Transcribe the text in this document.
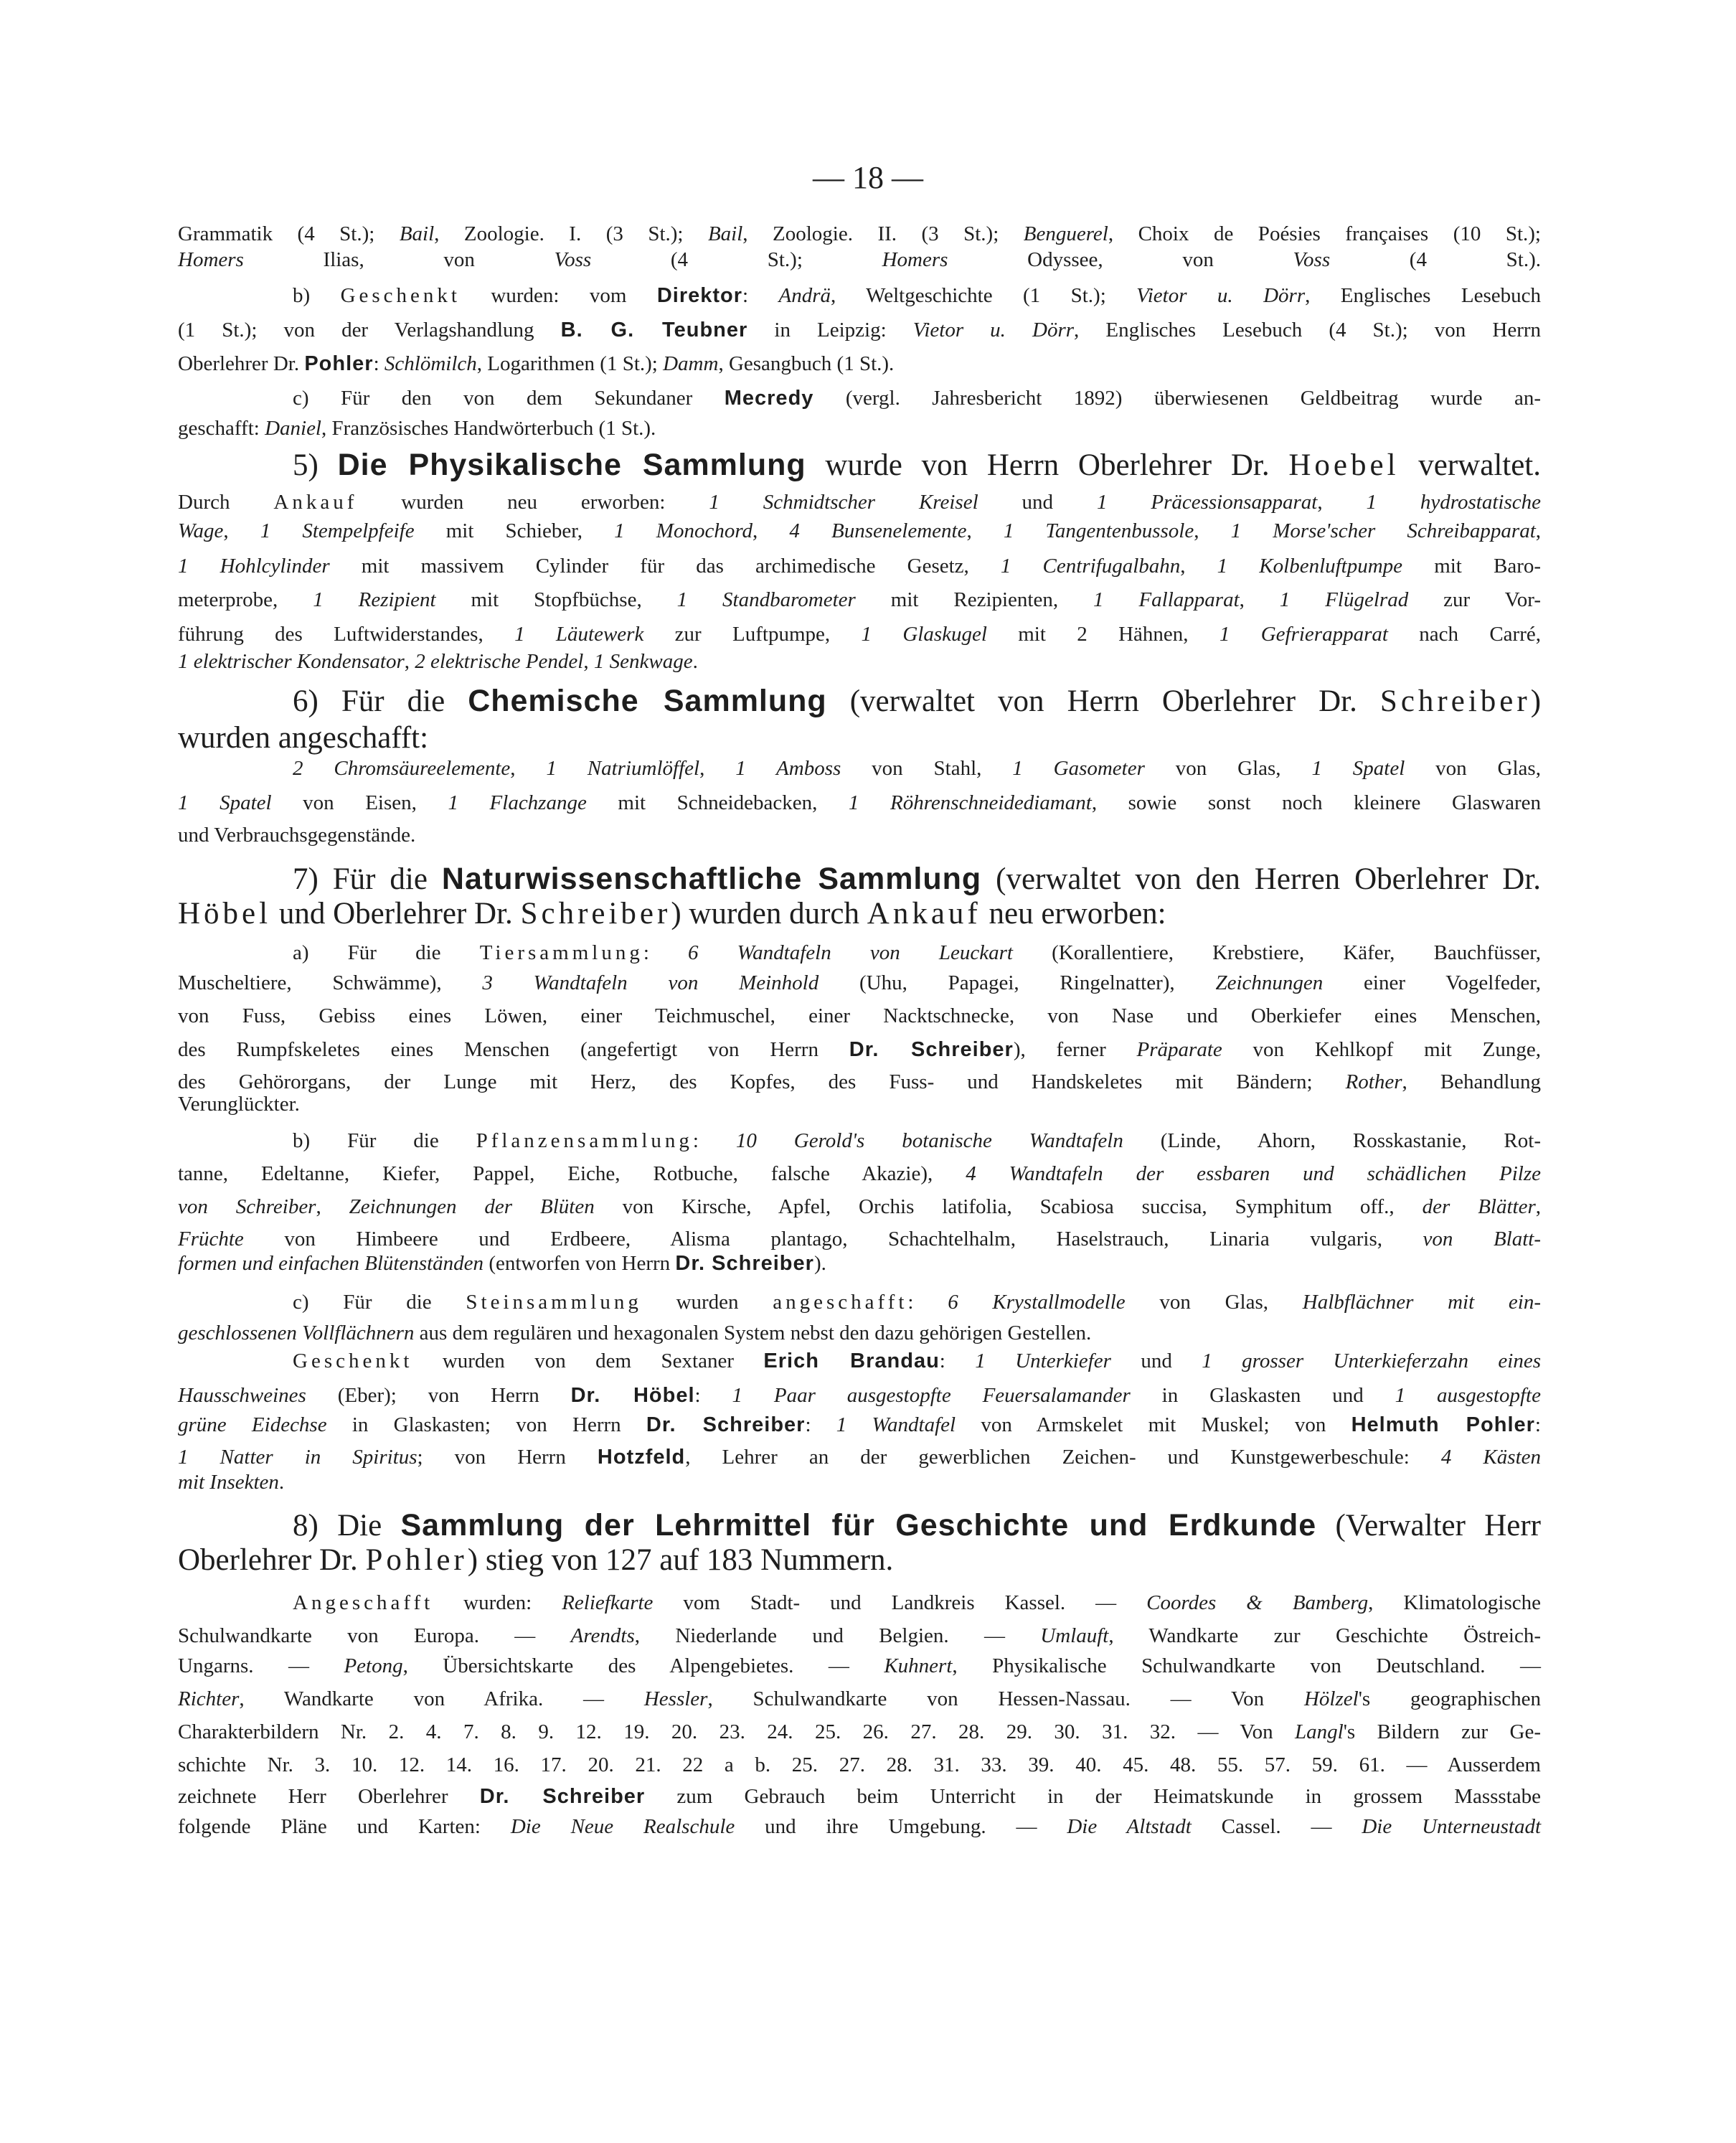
— 18 —
Grammatik (4 St.); Bail, Zoologie. I. (3 St.); Bail, Zoologie. II. (3 St.); Benguerel, Choix de Poésies françaises (10 St.);
Homers Ilias, von Voss (4 St.); Homers Odyssee, von Voss (4 St.).
b) Geschenkt wurden: vom Direktor: Andrä, Weltgeschichte (1 St.); Vietor u. Dörr, Englisches Lesebuch
(1 St.); von der Verlagshandlung B. G. Teubner in Leipzig: Vietor u. Dörr, Englisches Lesebuch (4 St.); von Herrn
Oberlehrer Dr. Pohler: Schlömilch, Logarithmen (1 St.); Damm, Gesangbuch (1 St.).
c) Für den von dem Sekundaner Mecredy (vergl. Jahresbericht 1892) überwiesenen Geldbeitrag wurde an-
geschafft: Daniel, Französisches Handwörterbuch (1 St.).
5) Die Physikalische Sammlung wurde von Herrn Oberlehrer Dr. Hoebel verwaltet.
Durch Ankauf wurden neu erworben: 1 Schmidtscher Kreisel und 1 Präcessionsapparat, 1 hydrostatische
Wage, 1 Stempelpfeife mit Schieber, 1 Monochord, 4 Bunsenelemente, 1 Tangentenbussole, 1 Morse'scher Schreibapparat,
1 Hohlcylinder mit massivem Cylinder für das archimedische Gesetz, 1 Centrifugalbahn, 1 Kolbenluftpumpe mit Baro-
meterprobe, 1 Rezipient mit Stopfbüchse, 1 Standbarometer mit Rezipienten, 1 Fallapparat, 1 Flügelrad zur Vor-
führung des Luftwiderstandes, 1 Läutewerk zur Luftpumpe, 1 Glaskugel mit 2 Hähnen, 1 Gefrierapparat nach Carré,
1 elektrischer Kondensator, 2 elektrische Pendel, 1 Senkwage.
6) Für die Chemische Sammlung (verwaltet von Herrn Oberlehrer Dr. Schreiber)
wurden angeschafft:
2 Chromsäureelemente, 1 Natriumlöffel, 1 Amboss von Stahl, 1 Gasometer von Glas, 1 Spatel von Glas,
1 Spatel von Eisen, 1 Flachzange mit Schneidebacken, 1 Röhrenschneidediamant, sowie sonst noch kleinere Glaswaren
und Verbrauchsgegenstände.
7) Für die Naturwissenschaftliche Sammlung (verwaltet von den Herren Oberlehrer Dr.
Höbel und Oberlehrer Dr. Schreiber) wurden durch Ankauf neu erworben:
a) Für die Tiersammlung: 6 Wandtafeln von Leuckart (Korallentiere, Krebstiere, Käfer, Bauchfüsser,
Muscheltiere, Schwämme), 3 Wandtafeln von Meinhold (Uhu, Papagei, Ringelnatter), Zeichnungen einer Vogelfeder,
von Fuss, Gebiss eines Löwen, einer Teichmuschel, einer Nacktschnecke, von Nase und Oberkiefer eines Menschen,
des Rumpfskeletes eines Menschen (angefertigt von Herrn Dr. Schreiber), ferner Präparate von Kehlkopf mit Zunge,
des Gehörorgans, der Lunge mit Herz, des Kopfes, des Fuss- und Handskeletes mit Bändern; Rother, Behandlung
Verunglückter.
b) Für die Pflanzensammlung: 10 Gerold's botanische Wandtafeln (Linde, Ahorn, Rosskastanie, Rot-
tanne, Edeltanne, Kiefer, Pappel, Eiche, Rotbuche, falsche Akazie), 4 Wandtafeln der essbaren und schädlichen Pilze
von Schreiber, Zeichnungen der Blüten von Kirsche, Apfel, Orchis latifolia, Scabiosa succisa, Symphitum off., der Blätter,
Früchte von Himbeere und Erdbeere, Alisma plantago, Schachtelhalm, Haselstrauch, Linaria vulgaris, von Blatt-
formen und einfachen Blütenständen (entworfen von Herrn Dr. Schreiber).
c) Für die Steinsammlung wurden angeschafft: 6 Krystallmodelle von Glas, Halbflächner mit ein-
geschlossenen Vollflächnern aus dem regulären und hexagonalen System nebst den dazu gehörigen Gestellen.
Geschenkt wurden von dem Sextaner Erich Brandau: 1 Unterkiefer und 1 grosser Unterkieferzahn eines
Hausschweines (Eber); von Herrn Dr. Höbel: 1 Paar ausgestopfte Feuersalamander in Glaskasten und 1 ausgestopfte
grüne Eidechse in Glaskasten; von Herrn Dr. Schreiber: 1 Wandtafel von Armskelet mit Muskel; von Helmuth Pohler:
1 Natter in Spiritus; von Herrn Hotzfeld, Lehrer an der gewerblichen Zeichen- und Kunstgewerbeschule: 4 Kästen
mit Insekten.
8) Die Sammlung der Lehrmittel für Geschichte und Erdkunde (Verwalter Herr
Oberlehrer Dr. Pohler) stieg von 127 auf 183 Nummern.
Angeschafft wurden: Reliefkarte vom Stadt- und Landkreis Kassel. — Coordes & Bamberg, Klimatologische
Schulwandkarte von Europa. — Arendts, Niederlande und Belgien. — Umlauft, Wandkarte zur Geschichte Östreich-
Ungarns. — Petong, Übersichtskarte des Alpengebietes. — Kuhnert, Physikalische Schulwandkarte von Deutschland. —
Richter, Wandkarte von Afrika. — Hessler, Schulwandkarte von Hessen-Nassau. — Von Hölzel's geographischen
Charakterbildern Nr. 2. 4. 7. 8. 9. 12. 19. 20. 23. 24. 25. 26. 27. 28. 29. 30. 31. 32. — Von Langl's Bildern zur Ge-
schichte Nr. 3. 10. 12. 14. 16. 17. 20. 21. 22 a b. 25. 27. 28. 31. 33. 39. 40. 45. 48. 55. 57. 59. 61. — Ausserdem
zeichnete Herr Oberlehrer Dr. Schreiber zum Gebrauch beim Unterricht in der Heimatskunde in grossem Massstabe
folgende Pläne und Karten: Die Neue Realschule und ihre Umgebung. — Die Altstadt Cassel. — Die Unterneustadt
